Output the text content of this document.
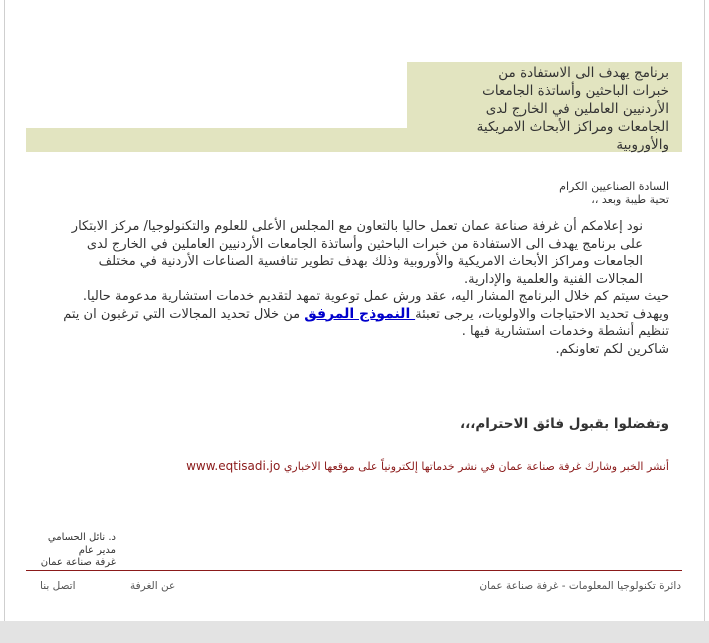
برنامج يهدف الى الاستفادة من
خبرات الباحثين وأساتذة الجامعات
الأردنيين العاملين في الخارج لدى
الجامعات ومراكز الأبحاث الامريكية
والأوروبية
السادة الصناعيين الكرام
تحية طيبة وبعد ،،

نود إعلامكم أن غرفة صناعة عمان تعمل حاليا بالتعاون مع المجلس الأعلى للعلوم والتكنولوجيا/ مركز الابتكار على برنامج يهدف الى الاستفادة من خبرات الباحثين وأساتذة الجامعات الأردنيين العاملين في الخارج لدى الجامعات ومراكز الأبحاث الامريكية والأوروبية وذلك بهدف تطوير تنافسية الصناعات الأردنية في مختلف المجالات الفنية والعلمية والإدارية.

حيث سيتم كم خلال البرنامج المشار اليه، عقد ورش عمل توعوية تمهد لتقديم خدمات استشارية مدعومة حاليا.

ويهدف تحديد الاحتياجات والاولويات، يرجى تعبئة النموذج المرفق من خلال تحديد المجالات التي ترغبون ان يتم تنظيم أنشطة وخدمات استشارية فيها .

شاكرين لكم تعاونكم.

وتفضلوا بقبول فائق الاحترام،،،
أنشر الخبر وشارك غرفة صناعة عمان في نشر خدماتها إلكترونياً على موقعها الاخباري www.eqtisadi.jo
د. نائل الحسامي
مدير عام
غرفة صناعة عمان
دائرة تكنولوجيا المعلومات - غرفة صناعة عمان
عن الغرفة
اتصل بنا
